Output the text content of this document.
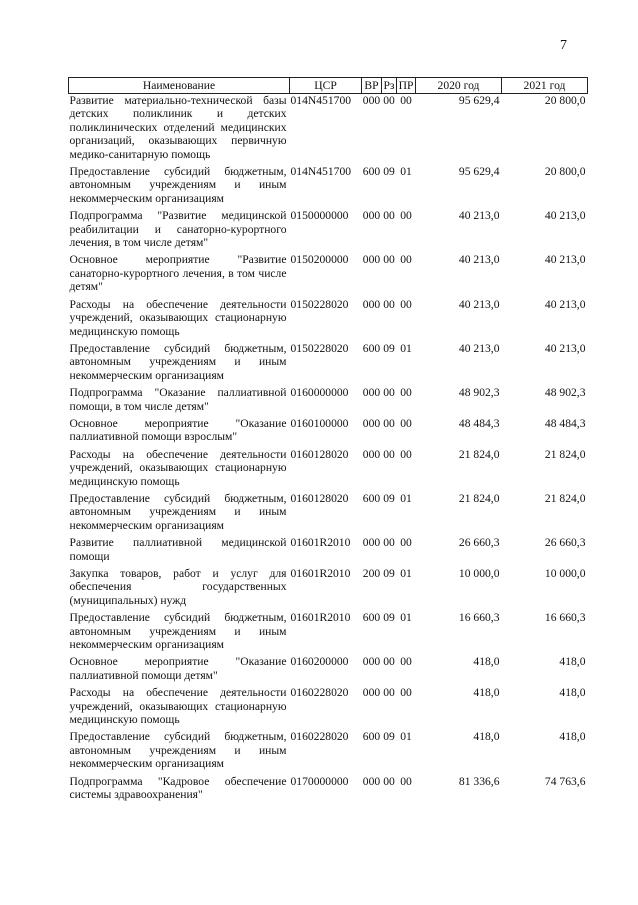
7
Наименование	ЦСР	ВР	Рз	ПР	2020 год	2021 год
Развитие материально-технической базы детских поликлиник и детских поликлинических отделений медицинских организаций, оказывающих первичную медико-санитарную помощь	014N451700	000	00	00	95 629,4	20 800,0
Предоставление субсидий бюджетным, автономным учреждениям и иным некоммерческим организациям	014N451700	600	09	01	95 629,4	20 800,0
Подпрограмма "Развитие медицинской реабилитации и санаторно-курортного лечения, в том числе детям"	0150000000	000	00	00	40 213,0	40 213,0
Основное мероприятие "Развитие санаторно-курортного лечения, в том числе детям"	0150200000	000	00	00	40 213,0	40 213,0
Расходы на обеспечение деятельности учреждений, оказывающих стационарную медицинскую помощь	0150228020	000	00	00	40 213,0	40 213,0
Предоставление субсидий бюджетным, автономным учреждениям и иным некоммерческим организациям	0150228020	600	09	01	40 213,0	40 213,0
Подпрограмма "Оказание паллиативной помощи, в том числе детям"	0160000000	000	00	00	48 902,3	48 902,3
Основное мероприятие "Оказание паллиативной помощи взрослым"	0160100000	000	00	00	48 484,3	48 484,3
Расходы на обеспечение деятельности учреждений, оказывающих стационарную медицинскую помощь	0160128020	000	00	00	21 824,0	21 824,0
Предоставление субсидий бюджетным, автономным учреждениям и иным некоммерческим организациям	0160128020	600	09	01	21 824,0	21 824,0
Развитие паллиативной медицинской помощи	01601R2010	000	00	00	26 660,3	26 660,3
Закупка товаров, работ и услуг для обеспечения государственных (муниципальных) нужд	01601R2010	200	09	01	10 000,0	10 000,0
Предоставление субсидий бюджетным, автономным учреждениям и иным некоммерческим организациям	01601R2010	600	09	01	16 660,3	16 660,3
Основное мероприятие "Оказание паллиативной помощи детям"	0160200000	000	00	00	418,0	418,0
Расходы на обеспечение деятельности учреждений, оказывающих стационарную медицинскую помощь	0160228020	000	00	00	418,0	418,0
Предоставление субсидий бюджетным, автономным учреждениям и иным некоммерческим организациям	0160228020	600	09	01	418,0	418,0
Подпрограмма "Кадровое обеспечение системы здравоохранения"	0170000000	000	00	00	81 336,6	74 763,6
